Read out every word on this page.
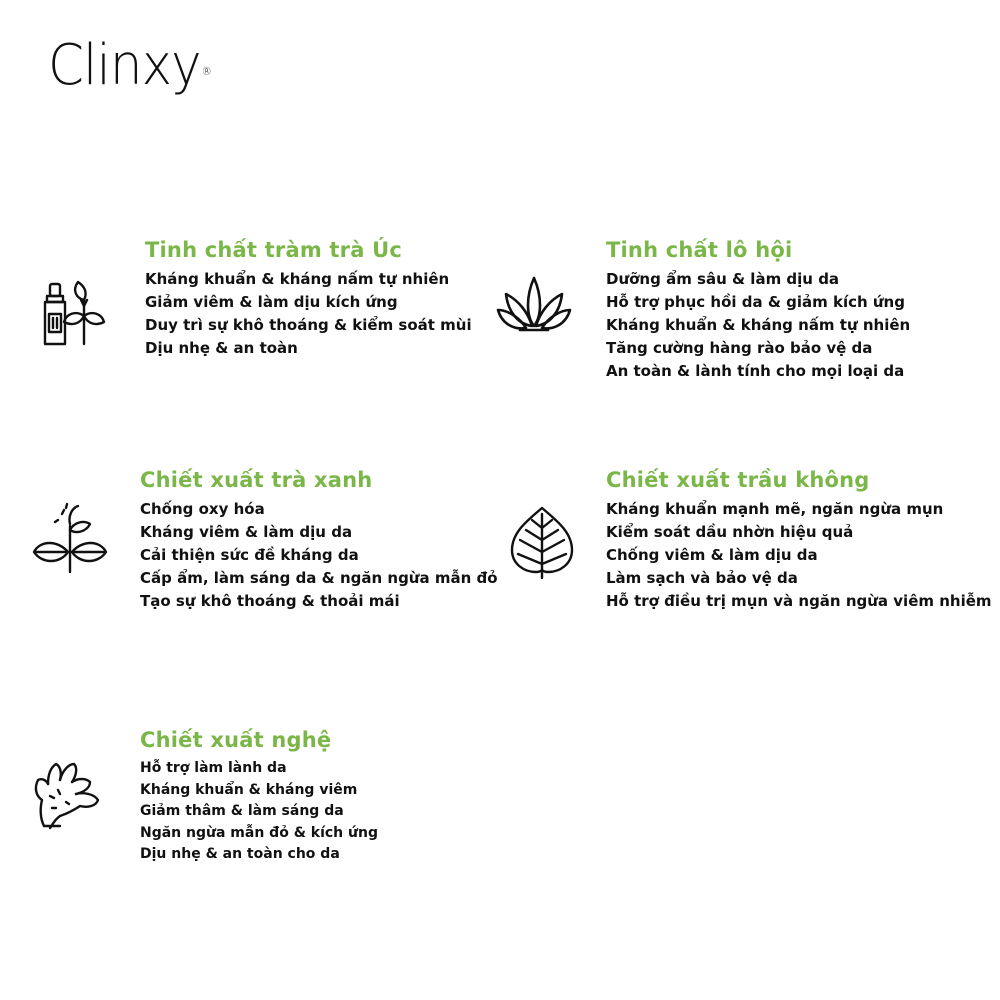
Clinxy ®
Tinh chất tràm trà Úc
Kháng khuẩn & kháng nấm tự nhiên
Giảm viêm & làm dịu kích ứng
Duy trì sự khô thoáng & kiểm soát mùi
Dịu nhẹ & an toàn
Tinh chất lô hội
Dưỡng ẩm sâu & làm dịu da
Hỗ trợ phục hồi da & giảm kích ứng
Kháng khuẩn & kháng nấm tự nhiên
Tăng cường hàng rào bảo vệ da
An toàn & lành tính cho mọi loại da
Chiết xuất trà xanh
Chống oxy hóa
Kháng viêm & làm dịu da
Cải thiện sức đề kháng da
Cấp ẩm, làm sáng da & ngăn ngừa mẫn đỏ
Tạo sự khô thoáng & thoải mái
Chiết xuất trầu không
Kháng khuẩn mạnh mẽ, ngăn ngừa mụn
Kiểm soát dầu nhờn hiệu quả
Chống viêm & làm dịu da
Làm sạch và bảo vệ da
Hỗ trợ điều trị mụn và ngăn ngừa viêm nhiễm
Chiết xuất nghệ
Hỗ trợ làm lành da
Kháng khuẩn & kháng viêm
Giảm thâm & làm sáng da
Ngăn ngừa mẫn đỏ & kích ứng
Dịu nhẹ & an toàn cho da
